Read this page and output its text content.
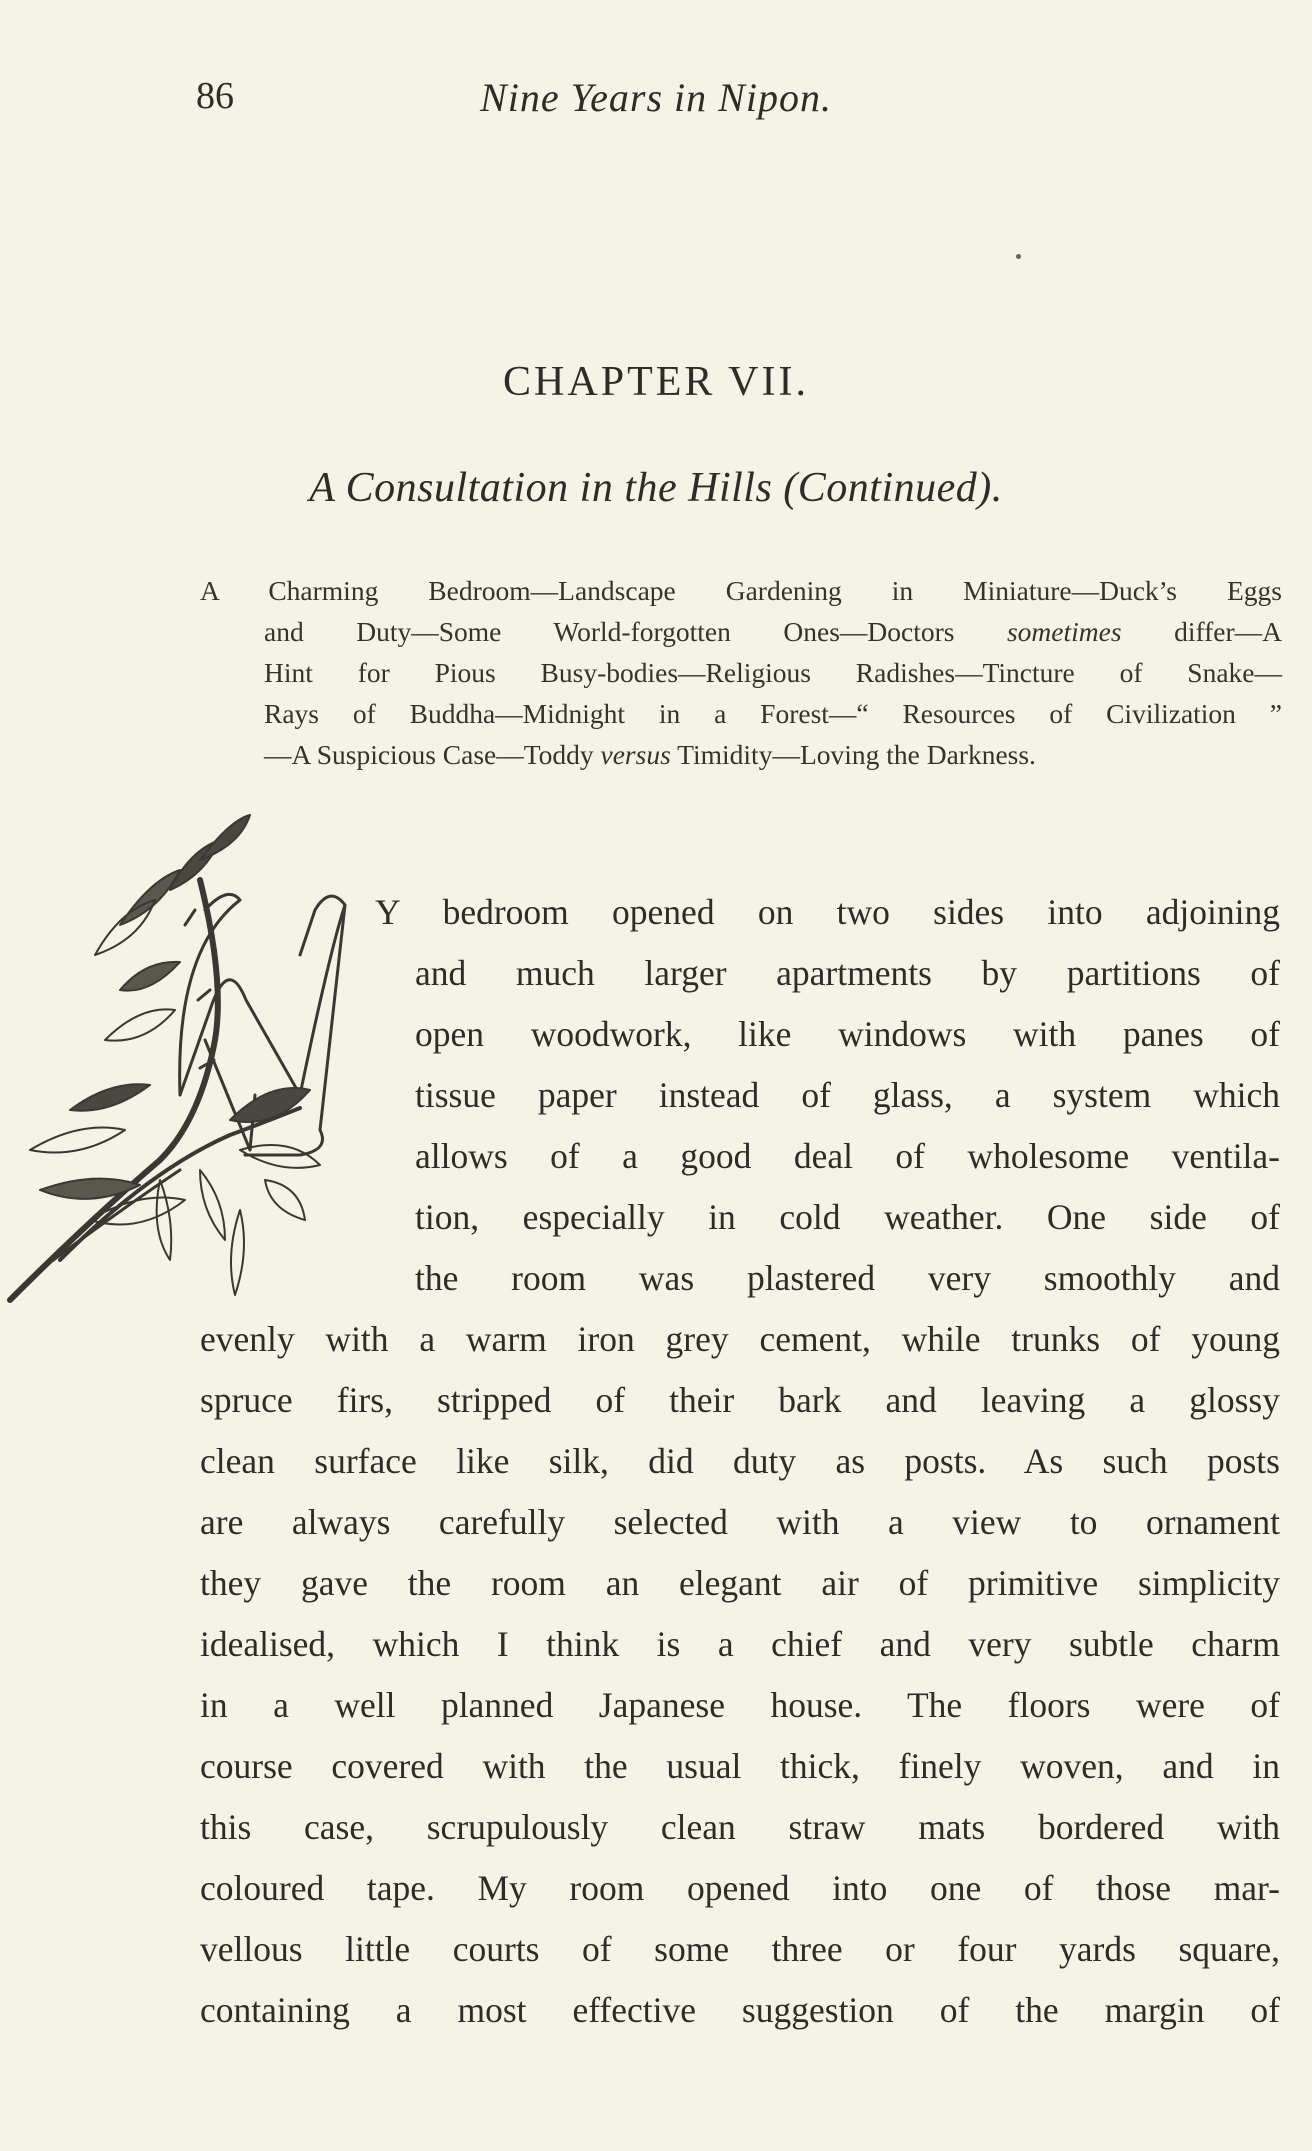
86	Nine Years in Nipon.
CHAPTER VII.
A Consultation in the Hills (Continued).
A Charming Bedroom—Landscape Gardening in Miniature—Duck’s Eggs
and Duty—Some World-forgotten Ones—Doctors sometimes differ—A
Hint for Pious Busy-bodies—Religious Radishes—Tincture of Snake—
Rays of Buddha—Midnight in a Forest—“ Resources of Civilization ”
—A Suspicious Case—Toddy versus Timidity—Loving the Darkness.
Y bedroom opened on two sides into adjoining
and much larger apartments by partitions of
open woodwork, like windows with panes of
tissue paper instead of glass, a system which
allows of a good deal of wholesome ventila-
tion, especially in cold weather. One side of
the room was plastered very smoothly and
evenly with a warm iron grey cement, while trunks of young
spruce firs, stripped of their bark and leaving a glossy
clean surface like silk, did duty as posts. As such posts
are always carefully selected with a view to ornament
they gave the room an elegant air of primitive simplicity
idealised, which I think is a chief and very subtle charm
in a well planned Japanese house. The floors were of
course covered with the usual thick, finely woven, and in
this case, scrupulously clean straw mats bordered with
coloured tape. My room opened into one of those mar-
vellous little courts of some three or four yards square,
containing a most effective suggestion of the margin of
